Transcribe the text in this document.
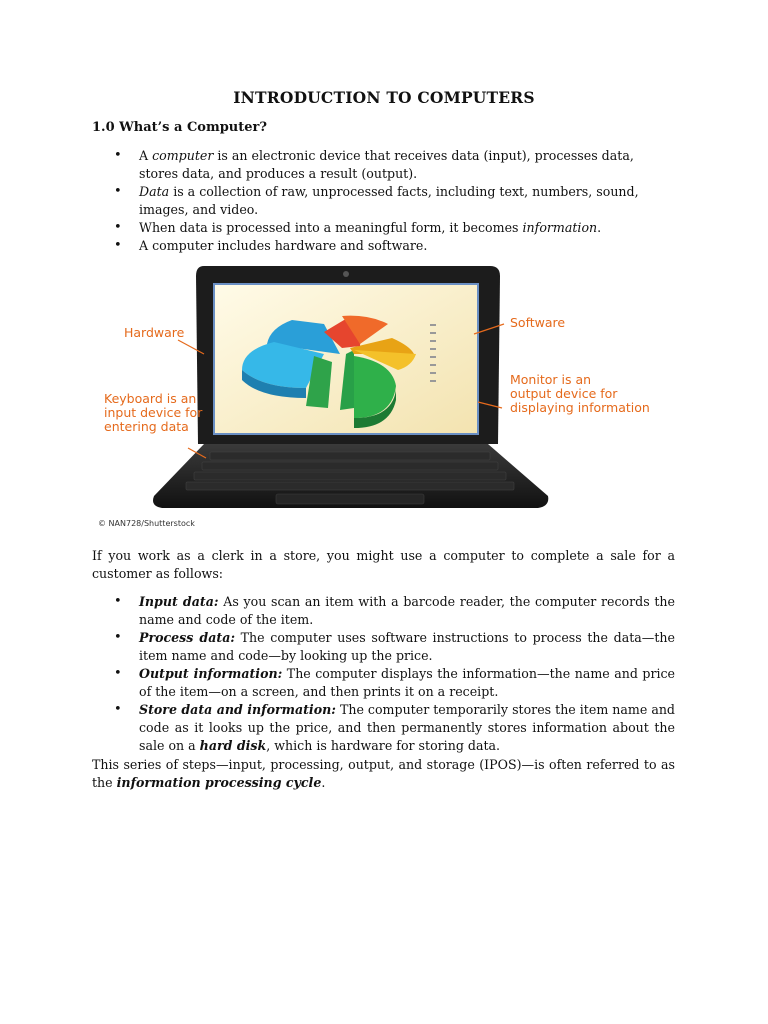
INTRODUCTION TO COMPUTERS
1.0 What’s a Computer?
• A computer is an electronic device that receives data (input), processes data, stores data, and produces a result (output).
• Data is a collection of raw, unprocessed facts, including text, numbers, sound, images, and video.
• When data is processed into a meaningful form, it becomes information.
• A computer includes hardware and software.
Hardware
Software
Keyboard is an
input device for
entering data
Monitor is an
output device for
displaying information
© NAN728/Shutterstock
If you work as a clerk in a store, you might use a computer to complete a sale for a customer as follows:
• Input data: As you scan an item with a barcode reader, the computer records the name and code of the item.
• Process data: The computer uses software instructions to process the data—the item name and code—by looking up the price.
• Output information: The computer displays the information—the name and price of the item—on a screen, and then prints it on a receipt.
• Store data and information: The computer temporarily stores the item name and code as it looks up the price, and then permanently stores information about the sale on a hard disk, which is hardware for storing data.
This series of steps—input, processing, output, and storage (IPOS)—is often referred to as the information processing cycle.
